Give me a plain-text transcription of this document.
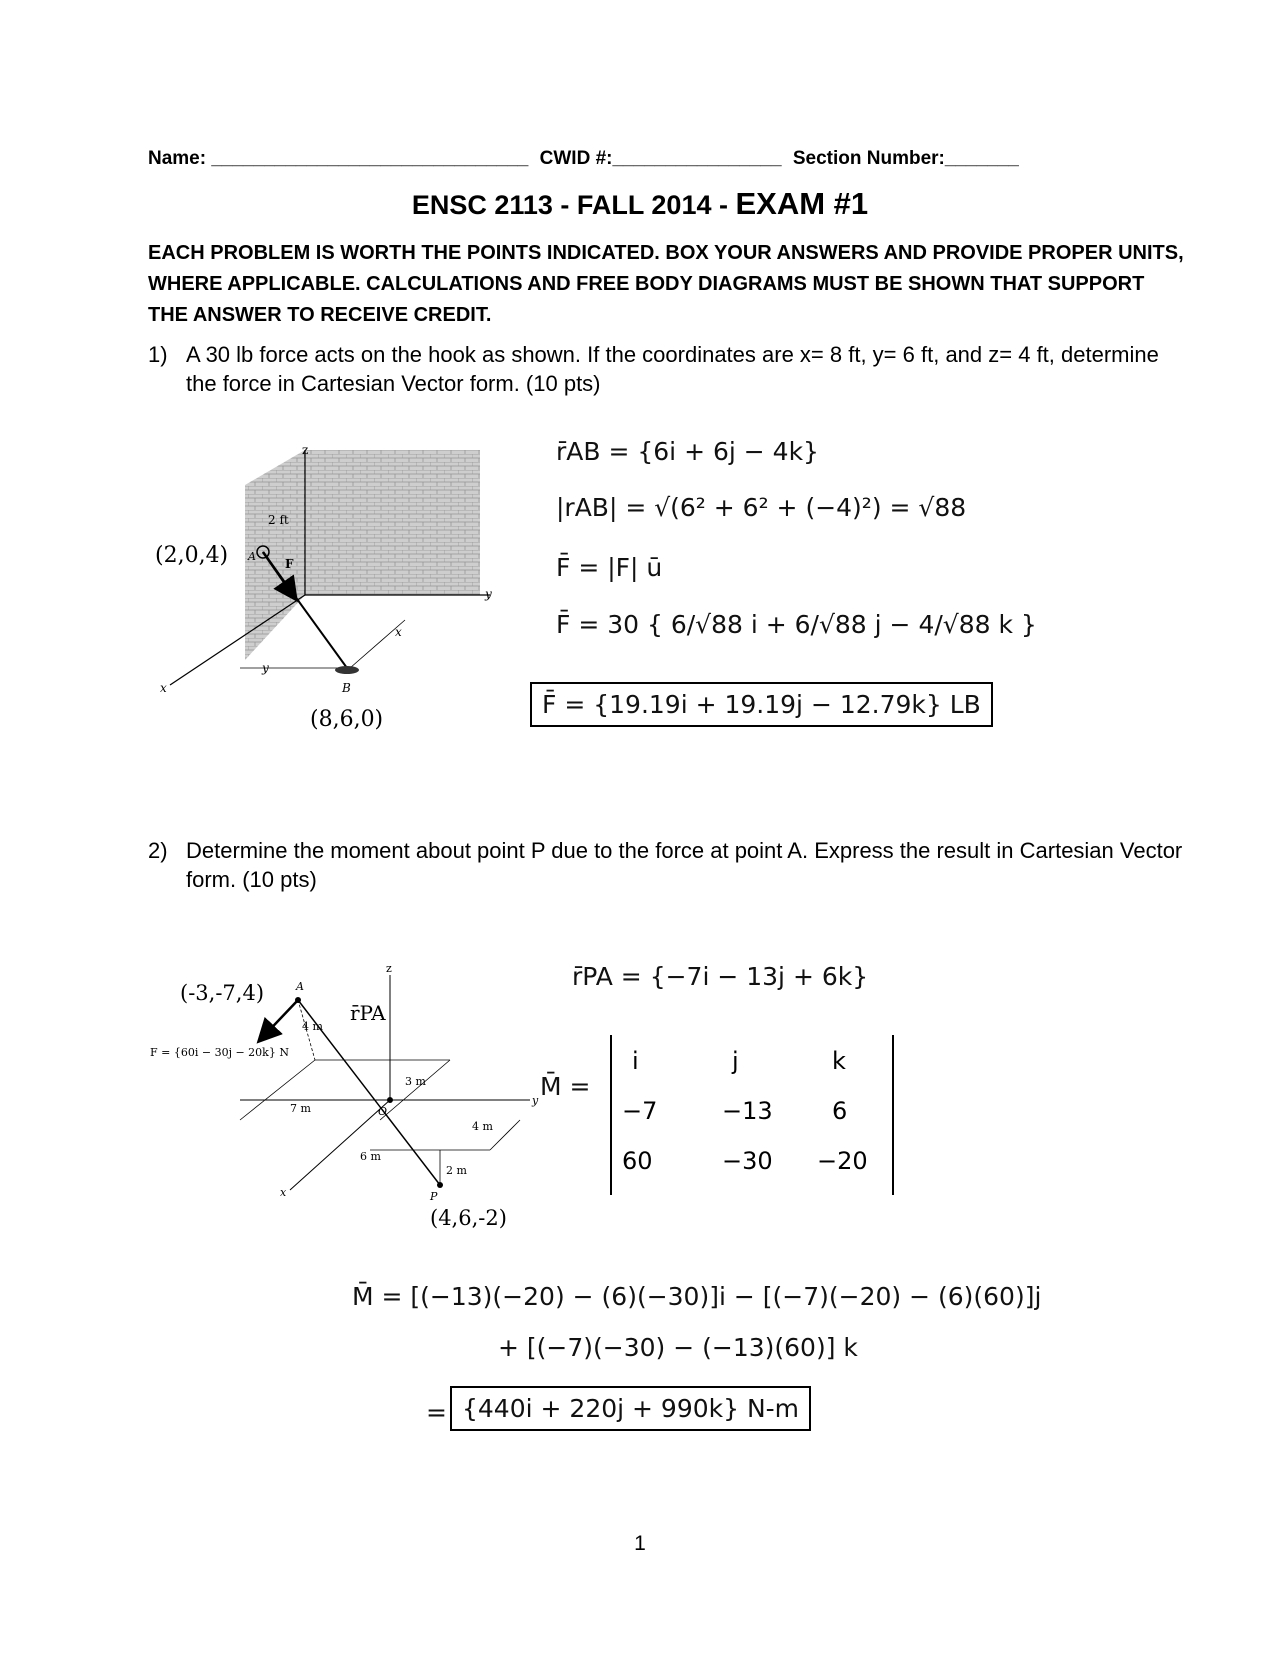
Name: ______________________________ CWID #:________________ Section Number:_______
ENSC 2113 - FALL 2014 - EXAM #1
EACH PROBLEM IS WORTH THE POINTS INDICATED. BOX YOUR ANSWERS AND PROVIDE PROPER UNITS, WHERE APPLICABLE. CALCULATIONS AND FREE BODY DIAGRAMS MUST BE SHOWN THAT SUPPORT THE ANSWER TO RECEIVE CREDIT.
1) A 30 lb force acts on the hook as shown. If the coordinates are x= 8 ft, y= 6 ft, and z= 4 ft, determine the force in Cartesian Vector form. (10 pts)
z
y
x
y
x
2 ft
A
F
B
(2,0,4)
(8,6,0)
r̄AB = {6i + 6j − 4k}
|rAB| = √(6² + 6² + (−4)²) = √88
F̄ = |F| ū
F̄ = 30 { 6/√88 i + 6/√88 j − 4/√88 k }
F̄ = {19.19i + 19.19j − 12.79k} LB
2) Determine the moment about point P due to the force at point A. Express the result in Cartesian Vector form. (10 pts)
A
O
P
z
y
x
F = {60i − 30j − 20k} N
4 m
3 m
7 m
4 m
6 m
2 m
r̄PA
(-3,-7,4)
(4,6,-2)
r̄PA = {−7i − 13j + 6k}
M̄ =
i	j	k
−7	−13 6
60	−30 −20
M̄ = [(−13)(−20) − (6)(−30)]i − [(−7)(−20) − (6)(60)]j
+ [(−7)(−30) − (−13)(60)] k
= {440i + 220j + 990k} N-m
1
